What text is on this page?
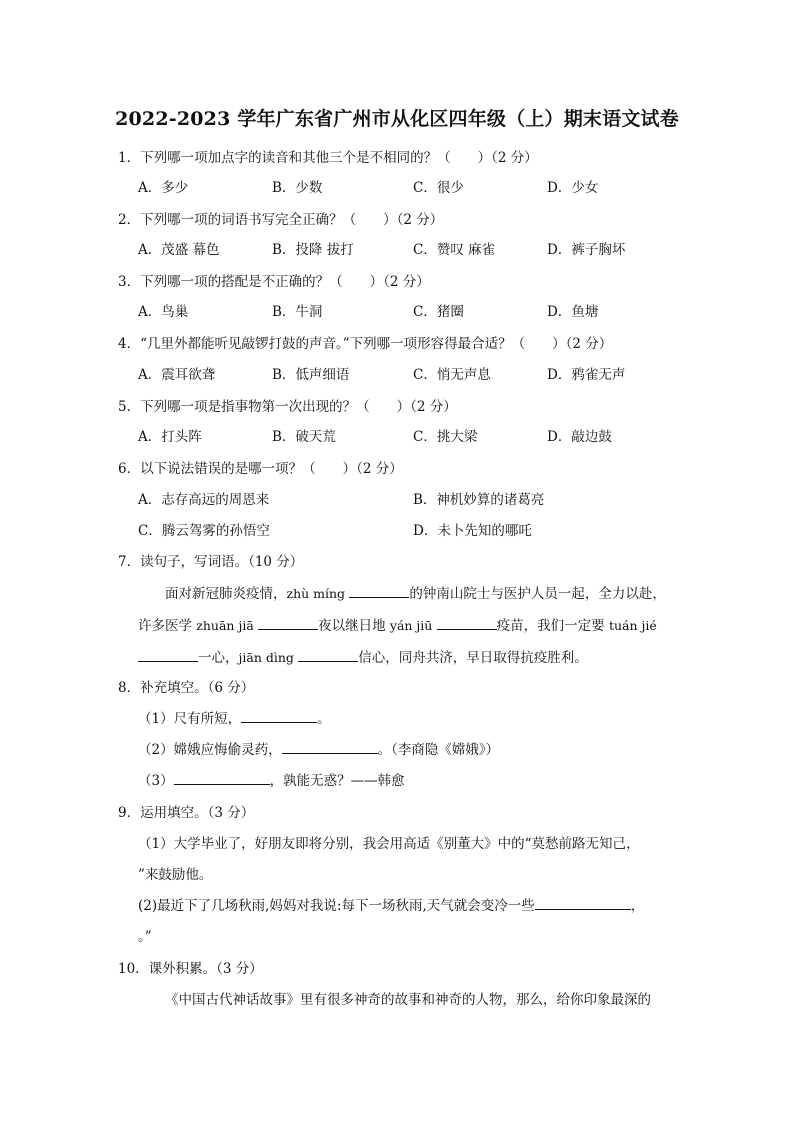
2022-2023 学年广东省广州市从化区四年级（上）期末语文试卷
1．下列哪一项加点字的读音和其他三个是不相同的？（　　）（2 分）
A．多少	B．少数	C．很少	D．少女
2．下列哪一项的词语书写完全正确？（　　）（2 分）
A．茂盛 幕色	B．投降 拔打	C．赞叹 麻雀	D．裤子胸坏
3．下列哪一项的搭配是不正确的？（　　）（2 分）
A．鸟巢	B．牛洞	C．猪圈	D．鱼塘
4．“几里外都能听见敲锣打鼓的声音。”下列哪一项形容得最合适？（　　）（2 分）
A．震耳欲聋	B．低声细语	C．悄无声息	D．鸦雀无声
5．下列哪一项是指事物第一次出现的？（　　）（2 分）
A．打头阵	B．破天荒	C．挑大梁	D．敲边鼓
6．以下说法错误的是哪一项？（　　）（2 分）
A．志存高远的周恩来	B．神机妙算的诸葛亮
C．腾云驾雾的孙悟空	D．未卜先知的哪吒
7．读句子，写词语。（10 分）
面对新冠肺炎疫情，zhù míng	的钟南山院士与医护人员一起，全力以赴，
许多医学 zhuān jiā	夜以继日地 yán jiū	疫苗，我们一定要 tuán jié
一心，jiān dìng	信心，同舟共济，早日取得抗疫胜利。
8．补充填空。（6 分）
（1）尺有所短，	。
（2）嫦娥应悔偷灵药，	。（李商隐《嫦娥》）
（3）	，孰能无惑？——韩愈
9．运用填空。（3 分）
（1）大学毕业了，好朋友即将分别，我会用高适《别董大》中的“莫愁前路无知己，
”来鼓励他。
(2)最近下了几场秋雨,妈妈对我说:每下一场秋雨,天气就会变冷一些	，
。”
10．课外积累。（3 分）
《中国古代神话故事》里有很多神奇的故事和神奇的人物，那么，给你印象最深的
